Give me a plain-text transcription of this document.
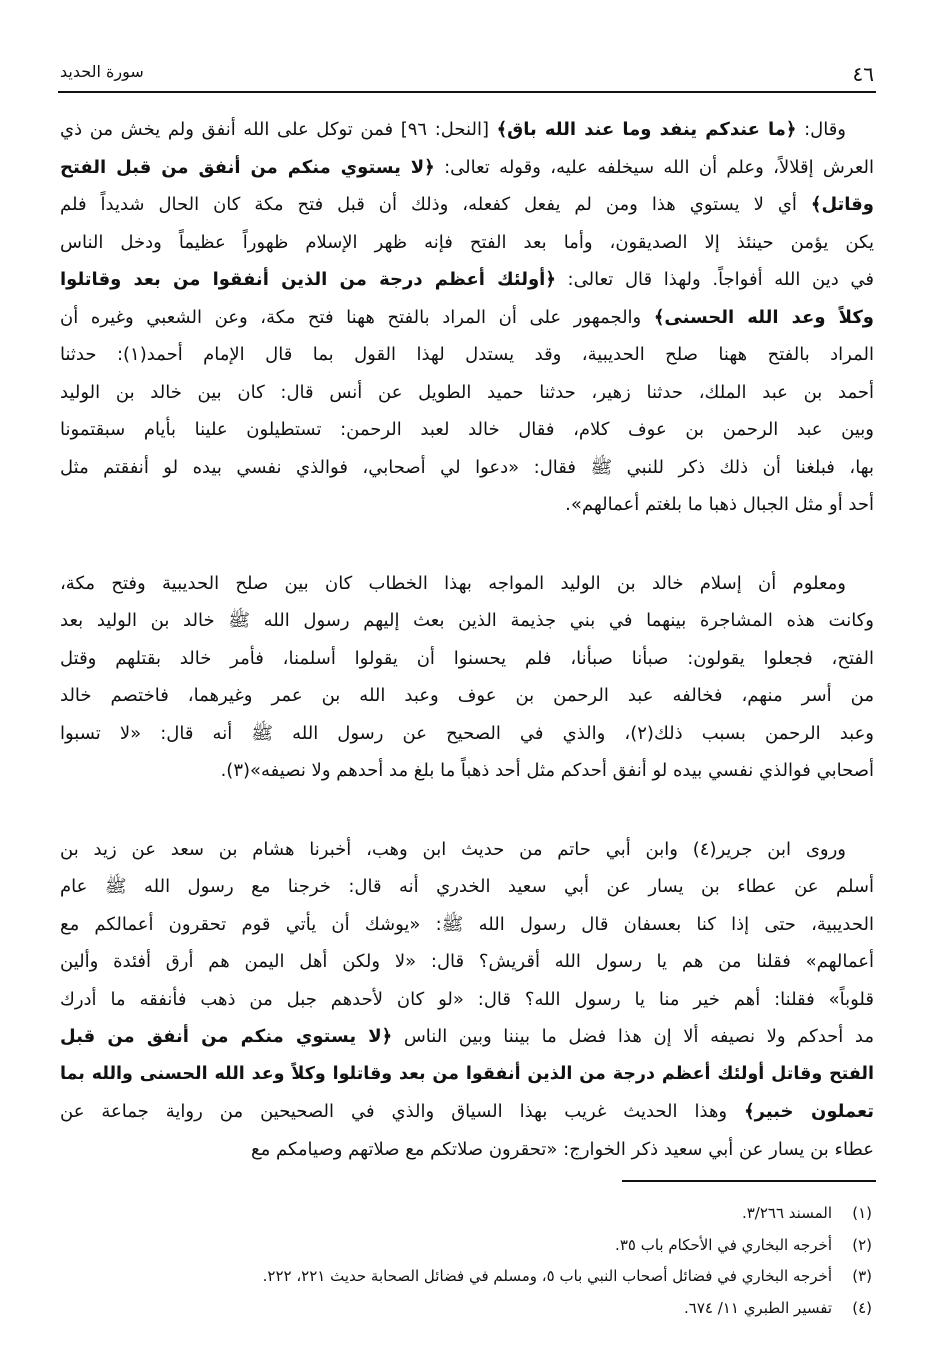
سورة الحديد	٤٦
وقال: ﴿ما عندكم ينفد وما عند الله باق﴾ [النحل: ٩٦] فمن توكل على الله أنفق ولم يخش من ذي
العرش إقلالاً، وعلم أن الله سيخلفه عليه، وقوله تعالى: ﴿لا يستوي منكم من أنفق من قبل الفتح
وقاتل﴾ أي لا يستوي هذا ومن لم يفعل كفعله، وذلك أن قبل فتح مكة كان الحال شديداً فلم
يكن يؤمن حينئذ إلا الصديقون، وأما بعد الفتح فإنه ظهر الإسلام ظهوراً عظيماً ودخل الناس
في دين الله أفواجاً. ولهذا قال تعالى: ﴿أولئك أعظم درجة من الذين أنفقوا من بعد وقاتلوا
وكلاً وعد الله الحسنى﴾ والجمهور على أن المراد بالفتح ههنا فتح مكة، وعن الشعبي وغيره أن
المراد بالفتح ههنا صلح الحديبية، وقد يستدل لهذا القول بما قال الإمام أحمد(١): حدثنا
أحمد بن عبد الملك، حدثنا زهير، حدثنا حميد الطويل عن أنس قال: كان بين خالد بن الوليد
وبين عبد الرحمن بن عوف كلام، فقال خالد لعبد الرحمن: تستطيلون علينا بأيام سبقتمونا
بها، فبلغنا أن ذلك ذكر للنبي ﷺ فقال: «دعوا لي أصحابي، فوالذي نفسي بيده لو أنفقتم مثل
أحد أو مثل الجبال ذهبا ما بلغتم أعمالهم».
ومعلوم أن إسلام خالد بن الوليد المواجه بهذا الخطاب كان بين صلح الحديبية وفتح مكة،
وكانت هذه المشاجرة بينهما في بني جذيمة الذين بعث إليهم رسول الله ﷺ خالد بن الوليد بعد
الفتح، فجعلوا يقولون: صبأنا صبأنا، فلم يحسنوا أن يقولوا أسلمنا، فأمر خالد بقتلهم وقتل
من أسر منهم، فخالفه عبد الرحمن بن عوف وعبد الله بن عمر وغيرهما، فاختصم خالد
وعبد الرحمن بسبب ذلك(٢)، والذي في الصحيح عن رسول الله ﷺ أنه قال: «لا تسبوا
أصحابي فوالذي نفسي بيده لو أنفق أحدكم مثل أحد ذهباً ما بلغ مد أحدهم ولا نصيفه»(٣).
وروى ابن جرير(٤) وابن أبي حاتم من حديث ابن وهب، أخبرنا هشام بن سعد عن زيد بن
أسلم عن عطاء بن يسار عن أبي سعيد الخدري أنه قال: خرجنا مع رسول الله ﷺ عام
الحديبية، حتى إذا كنا بعسفان قال رسول الله ﷺ: «يوشك أن يأتي قوم تحقرون أعمالكم مع
أعمالهم» فقلنا من هم يا رسول الله أقريش؟ قال: «لا ولكن أهل اليمن هم أرق أفئدة وألين
قلوباً» فقلنا: أهم خير منا يا رسول الله؟ قال: «لو كان لأحدهم جبل من ذهب فأنفقه ما أدرك
مد أحدكم ولا نصيفه ألا إن هذا فضل ما بيننا وبين الناس ﴿لا يستوي منكم من أنفق من قبل
الفتح وقاتل أولئك أعظم درجة من الذين أنفقوا من بعد وقاتلوا وكلاً وعد الله الحسنى والله بما
تعملون خبير﴾ وهذا الحديث غريب بهذا السياق والذي في الصحيحين من رواية جماعة عن
عطاء بن يسار عن أبي سعيد ذكر الخوارج: «تحقرون صلاتكم مع صلاتهم وصيامكم مع
(١)المسند ٣/٢٦٦.
(٢)أخرجه البخاري في الأحكام باب ٣٥.
(٣)أخرجه البخاري في فضائل أصحاب النبي باب ٥، ومسلم في فضائل الصحابة حديث ٢٢١، ٢٢٢.
(٤)تفسير الطبري ١١/ ٦٧٤.
